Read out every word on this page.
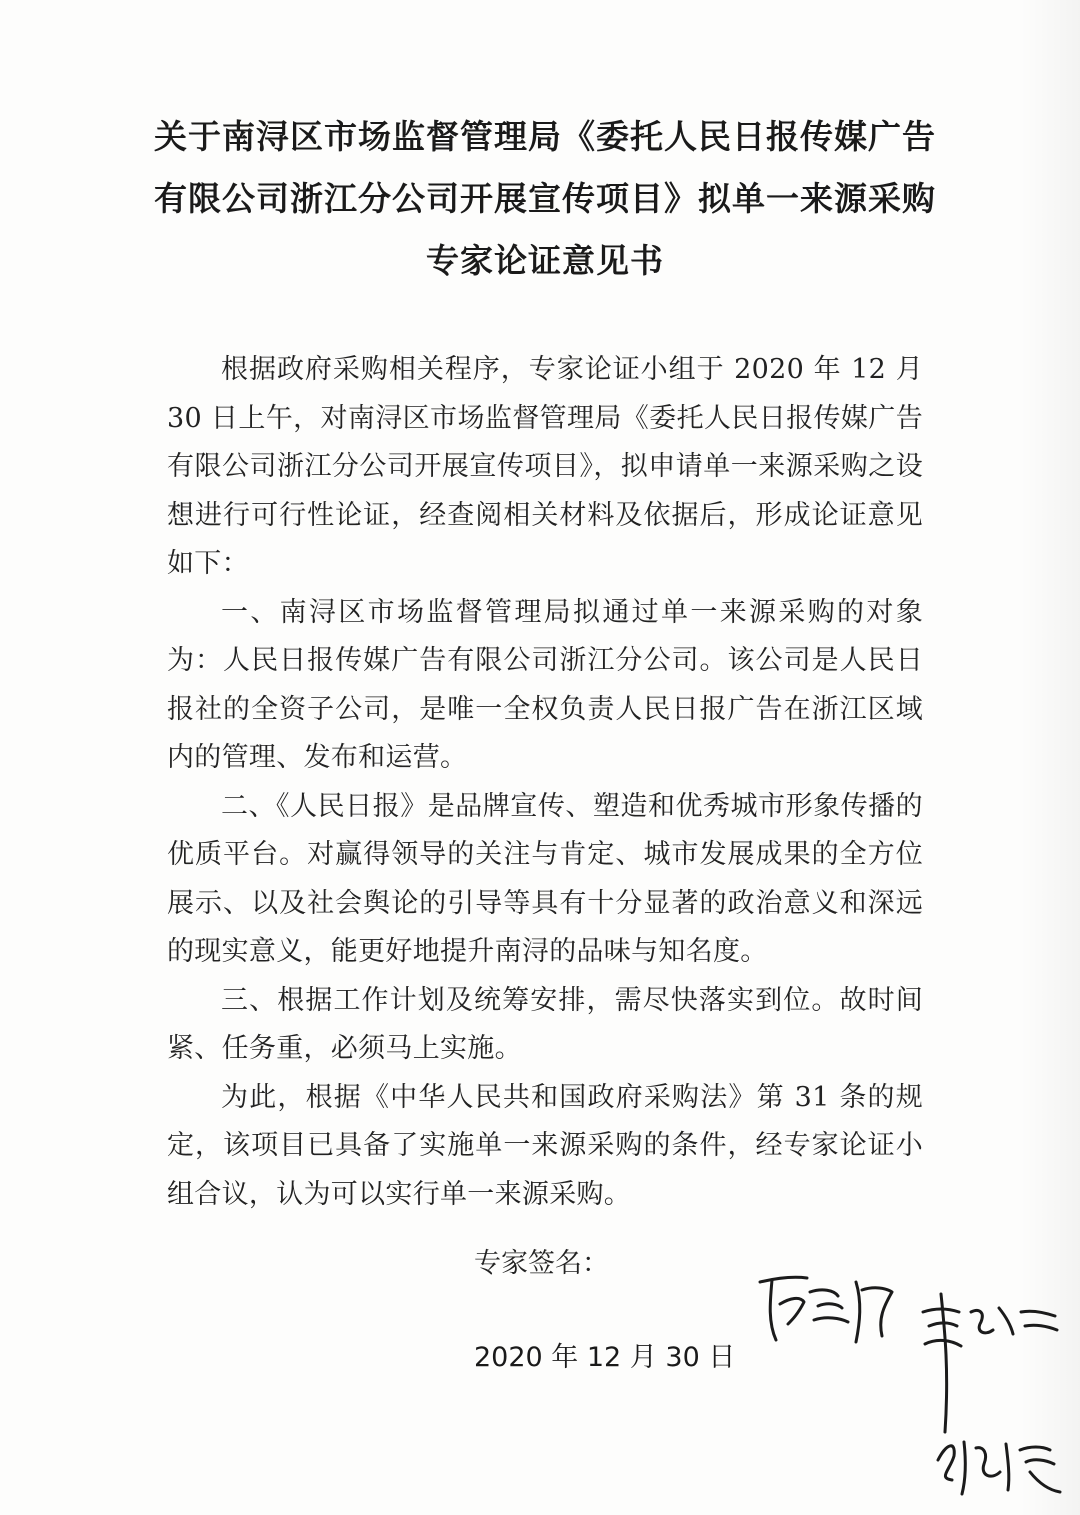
关于南浔区市场监督管理局《委托人民日报传媒广告
有限公司浙江分公司开展宣传项目》拟单一来源采购
专家论证意见书

根据政府采购相关程序，专家论证小组于 2020 年 12 月 30 日上午，对南浔区市场监督管理局《委托人民日报传媒广告有限公司浙江分公司开展宣传项目》，拟申请单一来源采购之设想进行可行性论证，经查阅相关材料及依据后，形成论证意见如下：

一、南浔区市场监督管理局拟通过单一来源采购的对象为：人民日报传媒广告有限公司浙江分公司。该公司是人民日报社的全资子公司，是唯一全权负责人民日报广告在浙江区域内的管理、发布和运营。

二、《人民日报》是品牌宣传、塑造和优秀城市形象传播的优质平台。对赢得领导的关注与肯定、城市发展成果的全方位展示、以及社会舆论的引导等具有十分显著的政治意义和深远的现实意义，能更好地提升南浔的品味与知名度。

三、根据工作计划及统筹安排，需尽快落实到位。故时间紧、任务重，必须马上实施。

为此，根据《中华人民共和国政府采购法》第 31 条的规定，该项目已具备了实施单一来源采购的条件，经专家论证小组合议，认为可以实行单一来源采购。

专家签名：
2020 年 12 月 30 日
